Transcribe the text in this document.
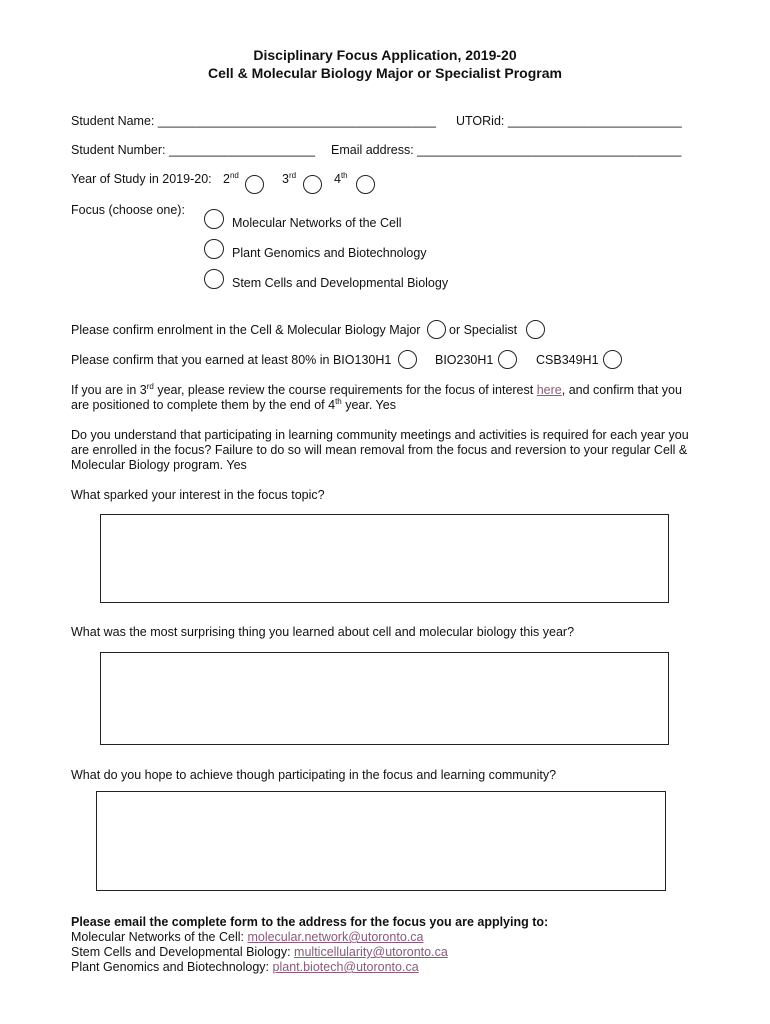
Disciplinary Focus Application, 2019-20
Cell & Molecular Biology Major or Specialist Program
Student Name: ________________________________________ UTORid: _________________________
Student Number: _____________________ Email address: ______________________________________
Year of Study in 2019-20: 2nd	3rd	4th
Focus (choose one):
Molecular Networks of the Cell
Plant Genomics and Biotechnology
Stem Cells and Developmental Biology
Please confirm enrolment in the Cell & Molecular Biology Major or Specialist
Please confirm that you earned at least 80% in BIO130H1	BIO230H1	CSB349H1
If you are in 3rd year, please review the course requirements for the focus of interest here, and confirm that you are positioned to complete them by the end of 4th year. Yes
Do you understand that participating in learning community meetings and activities is required for each year you are enrolled in the focus? Failure to do so will mean removal from the focus and reversion to your regular Cell & Molecular Biology program. Yes
What sparked your interest in the focus topic?
What was the most surprising thing you learned about cell and molecular biology this year?
What do you hope to achieve though participating in the focus and learning community?
Please email the complete form to the address for the focus you are applying to:
Molecular Networks of the Cell: molecular.network@utoronto.ca
Stem Cells and Developmental Biology: multicellularity@utoronto.ca
Plant Genomics and Biotechnology: plant.biotech@utoronto.ca
